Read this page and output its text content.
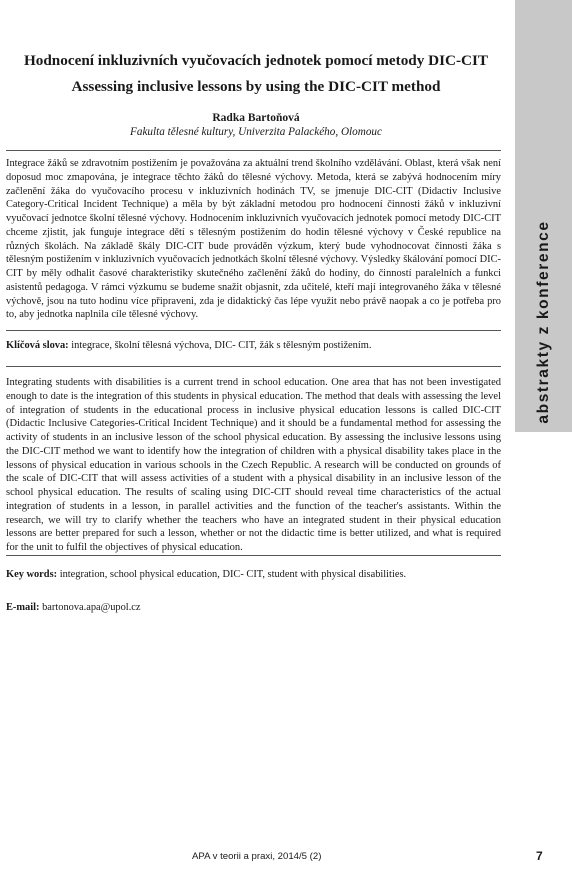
abstrakty z konference
Hodnocení inkluzivních vyučovacích jednotek pomocí metody DIC-CIT
Assessing inclusive lessons by using the DIC-CIT method
Radka Bartoňová
Fakulta tělesné kultury, Univerzita Palackého, Olomouc

Integrace žáků se zdravotním postižením je považována za aktuální trend školního vzdělávání. Oblast, která však není doposud moc zmapována, je integrace těchto žáků do tělesné výchovy. Metoda, která se zabývá hodnocením míry začlenění žáka do vyučovacího procesu v inkluzivních hodinách TV, se jmenuje DIC-CIT (Didactiv Inclusive Category-Critical Incident Technique) a měla by být základní metodou pro hodnocení činnosti žáků v inkluzivní vyučovací jednotce školní tělesné výchovy. Hodnocením inkluzivních vyučovacích jednotek pomocí metody DIC-CIT chceme zjistit, jak funguje integrace dětí s tělesným postižením do hodin tělesné výchovy v České republice na různých školách. Na základě škály DIC-CIT bude prováděn výzkum, který bude vyhodnocovat činnosti žáka s tělesným postižením v inkluzivních vyučovacích jednotkách školní tělesné výchovy. Výsledky škálování pomocí DIC-CIT by měly odhalit časové charakteristiky skutečného začlenění žáků do hodiny, do činností paralelních a funkci asistentů pedagoga. V rámci výzkumu se budeme snažit objasnit, zda učitelé, kteří mají integrovaného žáka v tělesné výchově, jsou na tuto hodinu více připraveni, zda je didaktický čas lépe využit nebo právě naopak a co je potřeba pro to, aby jednotka naplnila cíle tělesné výchovy.

Klíčová slova: integrace, školní tělesná výchova, DIC- CIT, žák s tělesným postižením.

Integrating students with disabilities is a current trend in school education. One area that has not been investigated enough to date is the integration of this students in physical education. The method that deals with assessing the level of integration of students in the educational process in inclusive physical education lessons is called DIC-CIT (Didactic Inclusive Categories-Critical Incident Technique) and it should be a fundamental method for assessing the activity of students in an inclusive lesson of the school physical education. By assessing the inclusive lessons using the DIC-CIT method we want to identify how the integration of children with a physical disability takes place in the lessons of physical education in various schools in the Czech Republic. A research will be conducted on grounds of the scale of DIC-CIT that will assess activities of a student with a physical disability in an inclusive lesson of the school physical education. The results of scaling using DIC-CIT should reveal time characteristics of the actual integration of students in a lesson, in parallel activities and the function of the teacher's assistants. Within the research, we will try to clarify whether the teachers who have an integrated student in their physical education lessons are better prepared for such a lesson, whether or not the didactic time is better utilized, and what is required for the unit to fulfil the objectives of physical education.

Key words: integration, school physical education, DIC- CIT, student with physical disabilities.

E-mail: bartonova.apa@upol.cz

APA v teorii a praxi, 2014/5 (2)	7
